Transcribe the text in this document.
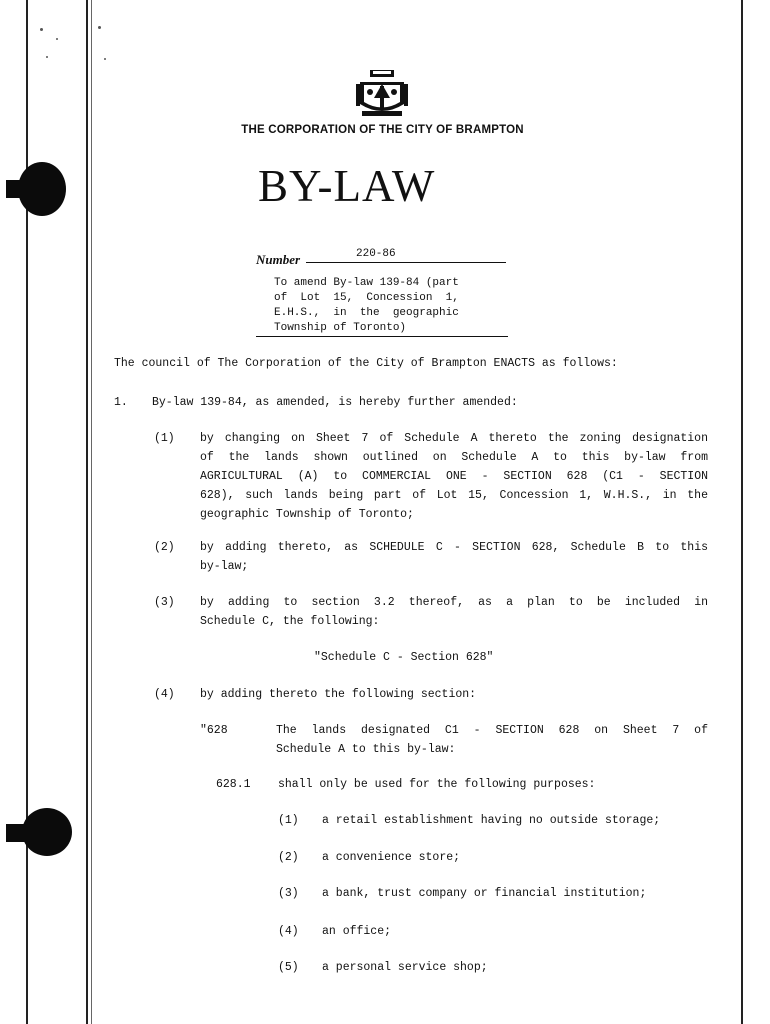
THE CORPORATION OF THE CITY OF BRAMPTON
BY-LAW
Number	220-86
To amend By-law 139-84 (part
of  Lot  15,  Concession  1,
E.H.S.,  in  the  geographic
Township of Toronto)
The council of The Corporation of the City of Brampton ENACTS as follows:
1. By-law 139-84, as amended, is hereby further amended:
(1) by changing on Sheet 7 of Schedule A thereto the zoning designation
of the lands shown outlined on Schedule A to this by-law from
AGRICULTURAL (A) to COMMERCIAL ONE - SECTION 628 (C1 - SECTION
628), such lands being part of Lot 15, Concession 1, W.H.S., in the
geographic Township of Toronto;
(2) by adding thereto, as SCHEDULE C - SECTION 628, Schedule B to this
by-law;
(3) by adding to section 3.2 thereof, as a plan to be included in
Schedule C, the following:
"Schedule C - Section 628"
(4) by adding thereto the following section:
"628	The lands designated C1 - SECTION 628 on Sheet 7 of
Schedule A to this by-law:
628.1 shall only be used for the following purposes:
(1) a retail establishment having no outside storage;
(2) a convenience store;
(3) a bank, trust company or financial institution;
(4) an office;
(5) a personal service shop;
